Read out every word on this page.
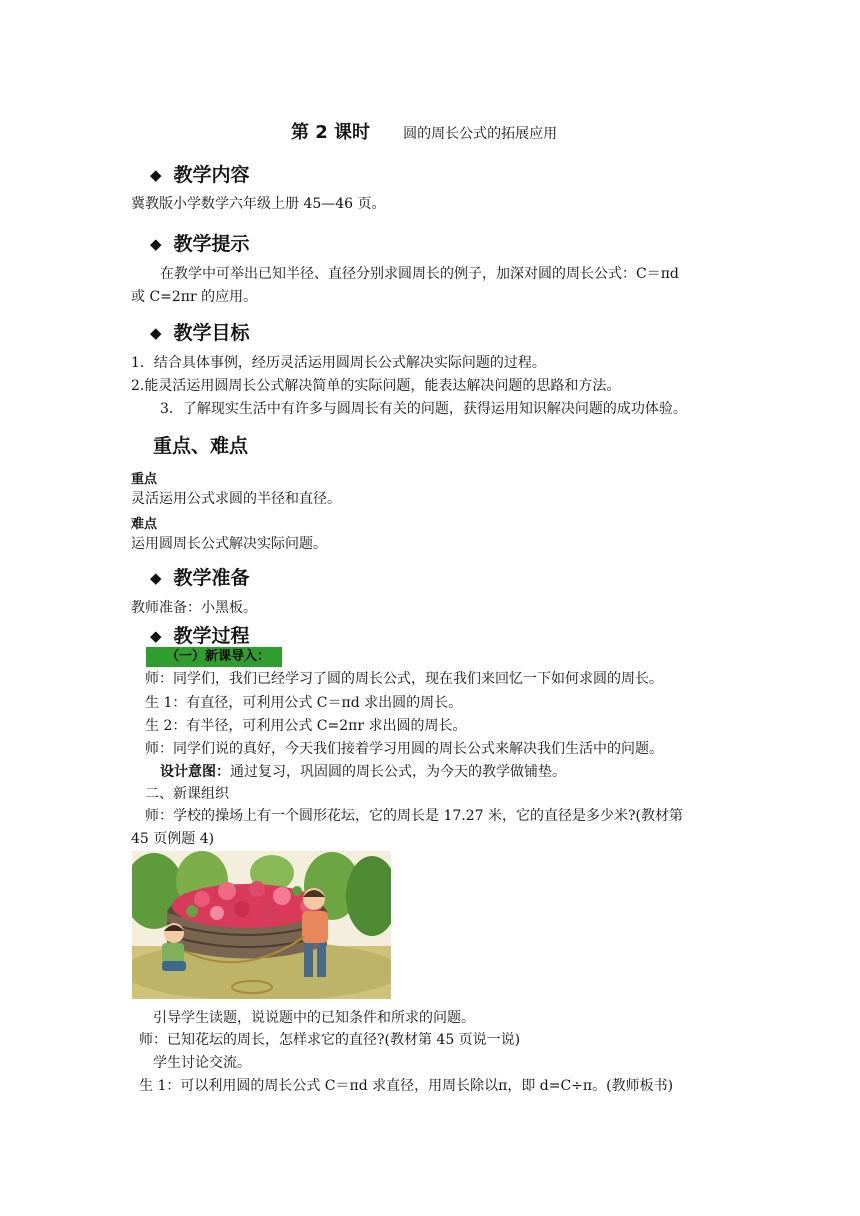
第 2 课时 圆的周长公式的拓展应用
◆ 教学内容
冀教版小学数学六年级上册 45—46 页。
◆ 教学提示
在教学中可举出已知半径、直径分别求圆周长的例子，加深对圆的周长公式：C＝πd
或 C=2πr 的应用。
◆ 教学目标
1．结合具体事例，经历灵活运用圆周长公式解决实际问题的过程。
2.能灵活运用圆周长公式解决简单的实际问题，能表达解决问题的思路和方法。
3．了解现实生活中有许多与圆周长有关的问题，获得运用知识解决问题的成功体验。
重点、难点
重点
灵活运用公式求圆的半径和直径。
难点
运用圆周长公式解决实际问题。
◆ 教学准备
教师准备：小黑板。
◆ 教学过程
（一）新课导入：
师：同学们，我们已经学习了圆的周长公式，现在我们来回忆一下如何求圆的周长。
生 1：有直径，可利用公式 C＝πd 求出圆的周长。
生 2：有半径，可利用公式 C=2πr 求出圆的周长。
师：同学们说的真好，今天我们接着学习用圆的周长公式来解决我们生活中的问题。
设计意图：通过复习，巩固圆的周长公式，为今天的教学做铺垫。
二、新课组织
师：学校的操场上有一个圆形花坛，它的周长是 17.27 米，它的直径是多少米?(教材第
45 页例题 4)
引导学生读题，说说题中的已知条件和所求的问题。
师：已知花坛的周长，怎样求它的直径?(教材第 45 页说一说)
学生讨论交流。
生 1：可以利用圆的周长公式 C＝πd 求直径，用周长除以π，即 d=C÷π。(教师板书)
